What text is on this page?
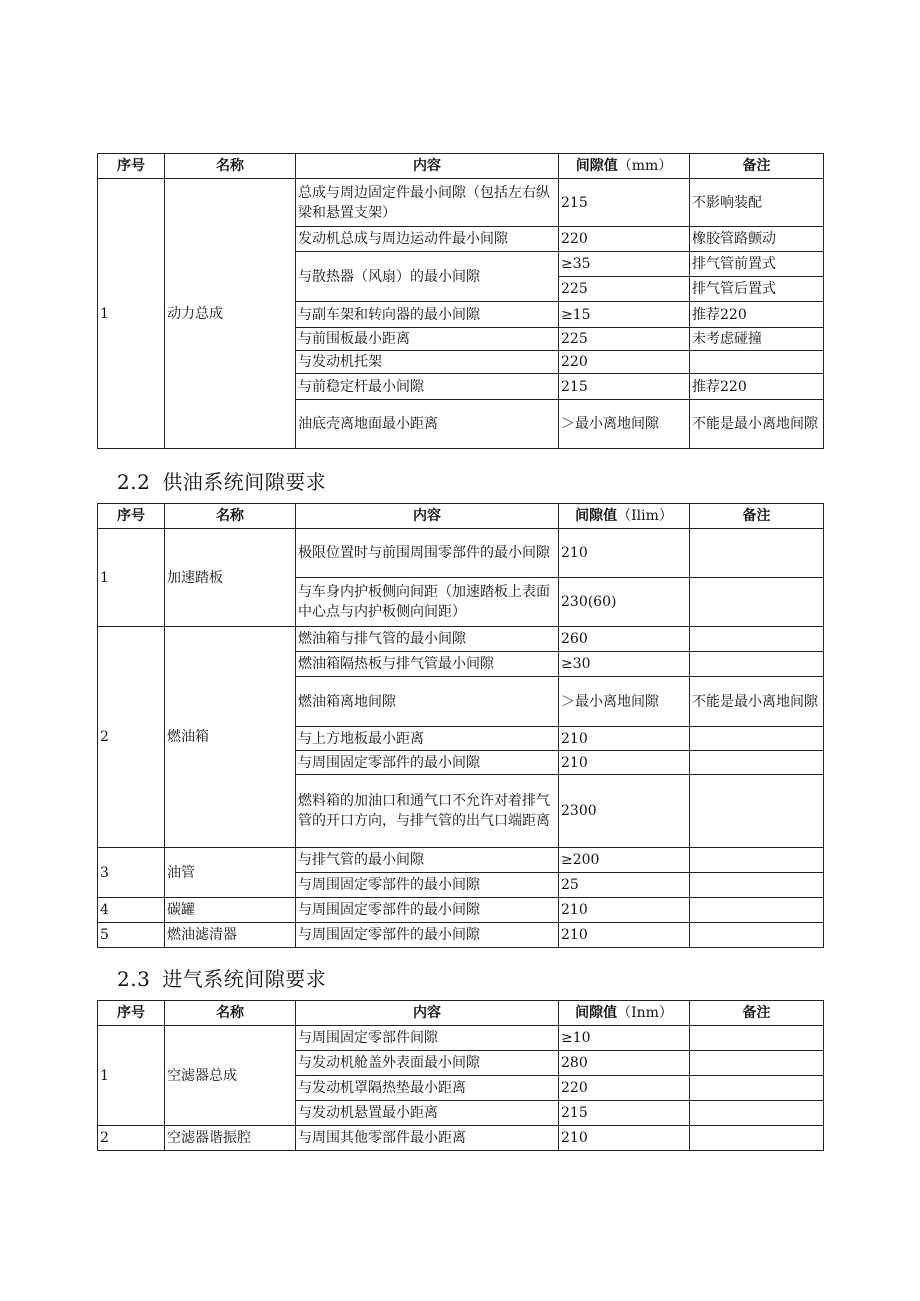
序号	名称	内容	间隙值（mm）	备注
1	动力总成	总成与周边固定件最小间隙（包括左右纵梁和悬置支架）	215	不影响装配
		发动机总成与周边运动件最小间隙	220	橡胶管路颤动
		与散热器（风扇）的最小间隙	≥35	排气管前置式
			225	排气管后置式
		与副车架和转向器的最小间隙	≥15	推荐220
		与前围板最小距离	225	未考虑碰撞
		与发动机托架	220	
		与前稳定杆最小间隙	215	推荐220
		油底壳离地面最小距离	＞最小离地间隙	不能是最小离地间隙
2.2 供油系统间隙要求
序号	名称	内容	间隙值（Ilim）	备注
1	加速踏板	极限位置时与前围周围零部件的最小间隙	210	
		与车身内护板侧向间距（加速踏板上表面中心点与内护板侧向间距）	230(60)	
2	燃油箱	燃油箱与排气管的最小间隙	260	
		燃油箱隔热板与排气管最小间隙	≥30	
		燃油箱离地间隙	＞最小离地间隙	不能是最小离地间隙
		与上方地板最小距离	210	
		与周围固定零部件的最小间隙	210	
		燃料箱的加油口和通气口不允许对着排气管的开口方向，与排气管的出气口端距离	2300	
3	油管	与排气管的最小间隙	≥200	
		与周围固定零部件的最小间隙	25	
4	碳罐	与周围固定零部件的最小间隙	210	
5	燃油滤清器	与周围固定零部件的最小间隙	210	
2.3 进气系统间隙要求
序号	名称	内容	间隙值（Inm）	备注
1	空滤器总成	与周围固定零部件间隙	≥10	
		与发动机舱盖外表面最小间隙	280	
		与发动机罩隔热垫最小距离	220	
		与发动机悬置最小距离	215	
2	空滤器谐振腔	与周围其他零部件最小距离	210	
